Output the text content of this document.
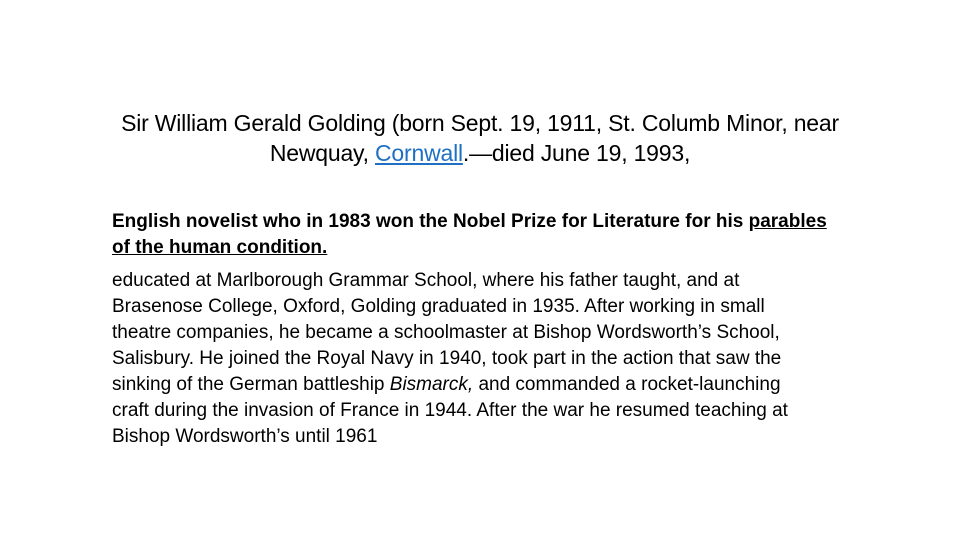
Sir William Gerald Golding (born Sept. 19, 1911, St. Columb Minor, near Newquay, Cornwall.—died June 19, 1993,
English novelist who in 1983 won the Nobel Prize for Literature for his parables of the human condition.
educated at Marlborough Grammar School, where his father taught, and at Brasenose College, Oxford, Golding graduated in 1935. After working in small theatre companies, he became a schoolmaster at Bishop Wordsworth’s School, Salisbury. He joined the Royal Navy in 1940, took part in the action that saw the sinking of the German battleship Bismarck, and commanded a rocket-launching craft during the invasion of France in 1944. After the war he resumed teaching at Bishop Wordsworth’s until 1961
